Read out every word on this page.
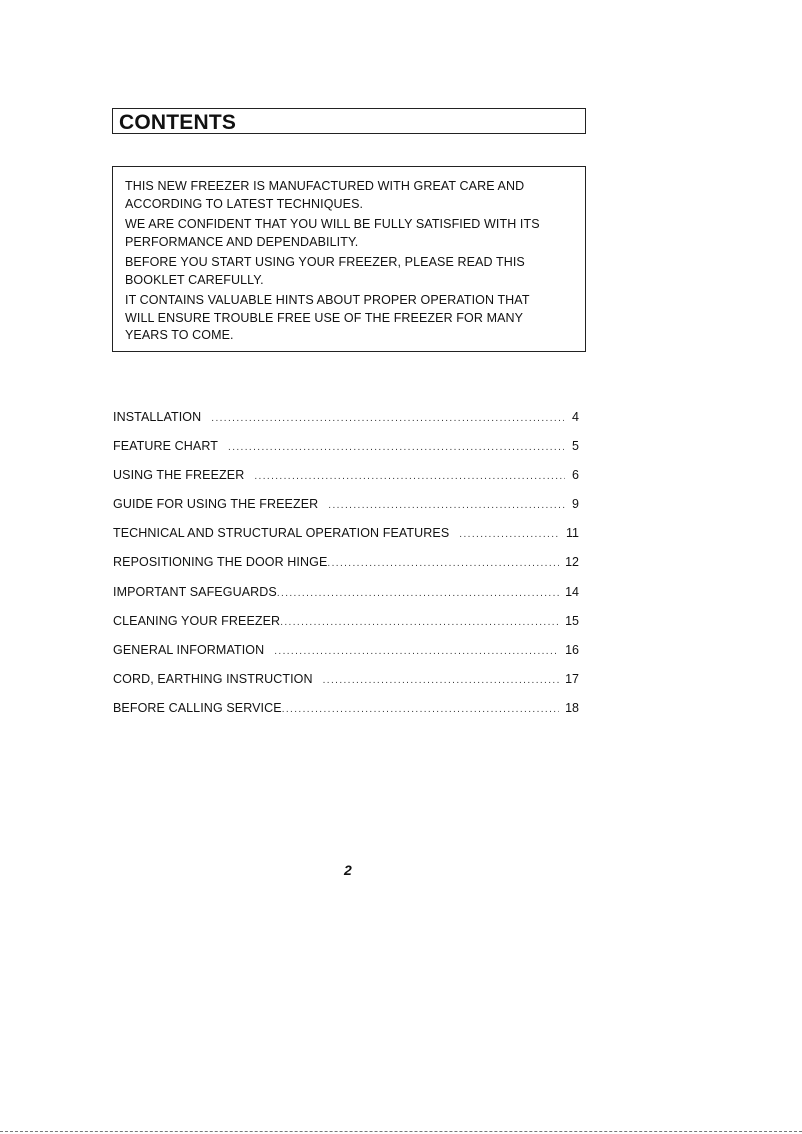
CONTENTS

THIS NEW FREEZER IS MANUFACTURED WITH GREAT CARE AND
ACCORDING TO LATEST TECHNIQUES.

WE ARE CONFIDENT THAT YOU WILL BE FULLY SATISFIED WITH ITS
PERFORMANCE AND DEPENDABILITY.

BEFORE YOU START USING YOUR FREEZER, PLEASE READ THIS
BOOKLET CAREFULLY.

IT CONTAINS VALUABLE HINTS ABOUT PROPER OPERATION THAT
WILL ENSURE TROUBLE FREE USE OF THE FREEZER FOR MANY
YEARS TO COME.

INSTALLATION .....	4
FEATURE CHART .....	5
USING THE FREEZER .....	6
GUIDE FOR USING THE FREEZER .....	9
TECHNICAL AND STRUCTURAL OPERATION FEATURES .....	11
REPOSITIONING THE DOOR HINGE .....	12
IMPORTANT SAFEGUARDS .....	14
CLEANING YOUR FREEZER .....	15
GENERAL INFORMATION .....	16
CORD, EARTHING INSTRUCTION .....	17
BEFORE CALLING SERVICE .....	18

2
